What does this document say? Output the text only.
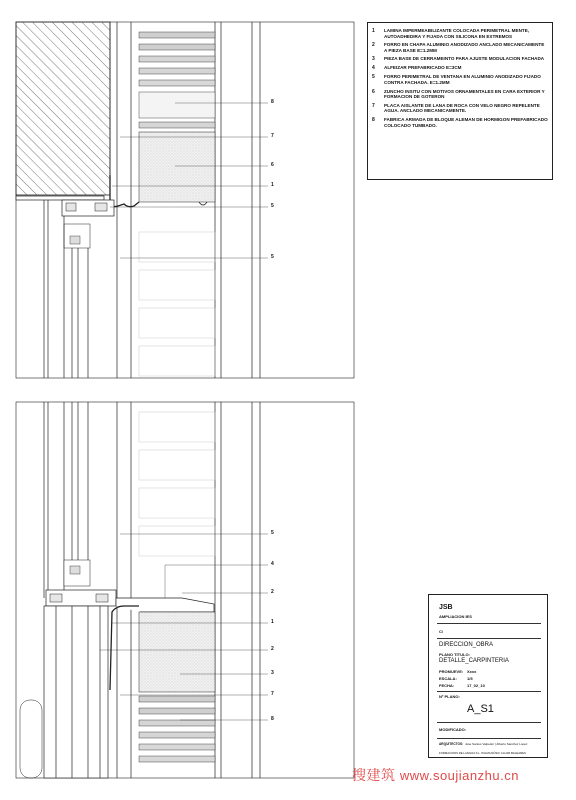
8
7
6
1
5
5
5
4
2
1
2
3
7
8
1	LAMINA IMPERMEABILIZANTE COLOCADA PERIMETRAL MENTE, AUTOADHEDIRA Y FIJADA CON SILICONA EN EXTREMOS
2	FORRO EN CHAPA ALUMINIO ANODIZADO ANCLADO MECANICAMENTE A PIEZA BASE E=1.2MM
3	PIEZA BASE DE CERRAMEINTO PARA AJUSTE MODULACION FACHADA
4	ALFEIZAR PREFABRICADO E=3CM
5	FORRO PERIMETRAL DE VENTANA EN ALUMINIO ANODIZADO FIJADO CONTRA FACHADA. E=1.2MM
6	ZUNCHO INSITU CON MOTIVOS ORNAMENTALES EN CARA EXTERIOR Y FORMACION DE GOTERON
7	PLACA AISLANTE DE LANA DE ROCA CON VELO NEGRO REPELENTE AGUA. ANCLADO MECANICAMENTE.
8	FABRICA ARMADA DE BLOQUE ALEMAN DE HORMIGON PREFABRICADO COLOCADO TUMBADO.
JSB
AMPLIACION IES
C/
DIRECCION_OBRA
PLANO TITULO:
DETALLE_CARPINTERIA
PROMUEVE: Xxxx
ESCALA:	1/5
FECHA:	17_02_10
Nº PLANO:
A_S1
MODIFICADO:
ARQUITECTOS: Jose Santos Valpedor | Alberto Sanchez Lopez
FORMACIONS DE LANGOA S.L. PALMA RÚSIC CLUAR BALEARES
搜建筑 www.soujianzhu.cn
